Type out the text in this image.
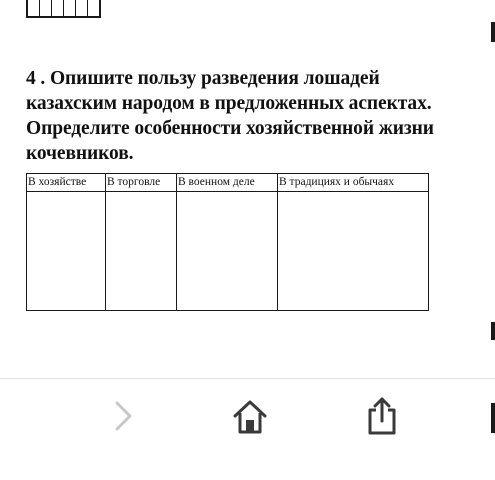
4 . Опишите пользу разведения лошадей
казахским народом в предложенных аспектах.
Определите особенности хозяйственной жизни
кочевников.
В хозяйстве	В торговле	В военном деле	В традициях и обычаях
